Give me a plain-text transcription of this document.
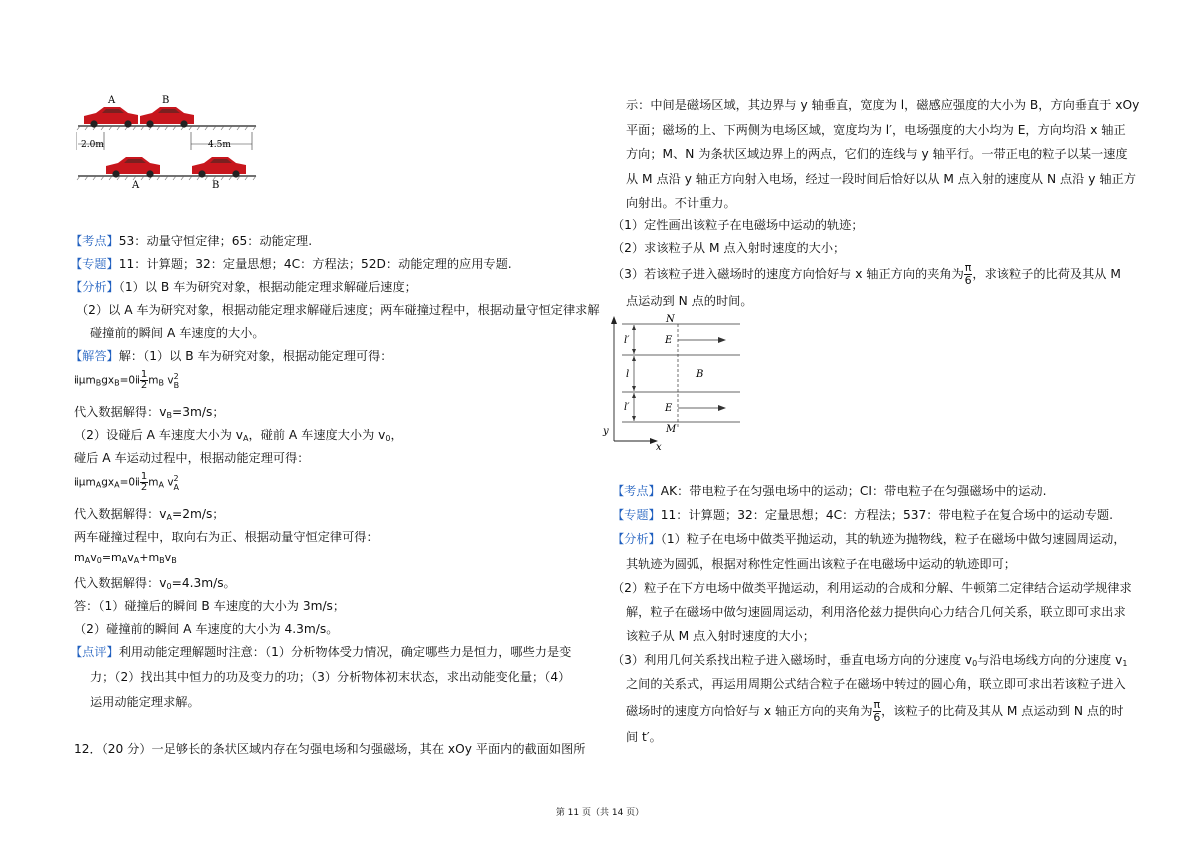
A	B
2.0m	4.5m
A	B
【考点】53：动量守恒定律；65：动能定理.
【专题】11：计算题；32：定量思想；4C：方程法；52D：动能定理的应用专题.
【分析】（1）以 B 车为研究对象，根据动能定理求解碰后速度；
（2）以 A 车为研究对象，根据动能定理求解碰后速度；两车碰撞过程中，根据动量守恒定律求解
碰撞前的瞬间 A 车速度的大小。
【解答】解：（1）以 B 车为研究对象，根据动能定理可得：
$ⅱ\mu m_Bgx_B=0ⅱ \frac{1}{2} m_B$ v 2
B
代入数据解得：$v_B=3m/s$；
（2）设碰后 A 车速度大小为 $v_A$，碰前 A 车速度大小为 $v_0$，
碰后 A 车运动过程中，根据动能定理可得：
$ⅱ\mu m_Agx_A=0ⅱ \frac{1}{2} m_A$ v 2
A
代入数据解得：$v_A=2m/s$；
两车碰撞过程中，取向右为正、根据动量守恒定律可得：
$m_Av_0=m_Av_A+m_Bv_B$
代入数据解得：$v_0=4.3m/s$。
答：（1）碰撞后的瞬间 B 车速度的大小为 3m/s；
（2）碰撞前的瞬间 A 车速度的大小为 4.3m/s。
【点评】利用动能定理解题时注意：（1）分析物体受力情况，确定哪些力是恒力，哪些力是变
力；（2）找出其中恒力的功及变力的功；（3）分析物体初末状态，求出动能变化量；（4）
运用动能定理求解。
12．（20 分）一足够长的条状区域内存在匀强电场和匀强磁场，其在 xOy 平面内的截面如图所
示：中间是磁场区域，其边界与 y 轴垂直，宽度为 l，磁感应强度的大小为 B，方向垂直于 xOy
平面；磁场的上、下两侧为电场区域，宽度均为 l′，电场强度的大小均为 E，方向均沿 x 轴正
方向；M、N 为条状区域边界上的两点，它们的连线与 y 轴平行。一带正电的粒子以某一速度
从 M 点沿 y 轴正方向射入电场，经过一段时间后恰好以从 M 点入射的速度从 N 点沿 y 轴正方
向射出。不计重力。
（1）定性画出该粒子在电磁场中运动的轨迹；
（2）求该粒子从 M 点入射时速度的大小；
（3）若该粒子进入磁场时的速度方向恰好与 x 轴正方向的夹角为 $\frac{\pi}{6}$ ，求该粒子的比荷及其从 M
点运动到 N 点的时间。
l′
l
l′
N
M
E
E
B
y
x
【考点】AK：带电粒子在匀强电场中的运动；CI：带电粒子在匀强磁场中的运动.
【专题】11：计算题；32：定量思想；4C：方程法；537：带电粒子在复合场中的运动专题.
【分析】（1）粒子在电场中做类平抛运动，其的轨迹为抛物线，粒子在磁场中做匀速圆周运动，
其轨迹为圆弧，根据对称性定性画出该粒子在电磁场中运动的轨迹即可；
（2）粒子在下方电场中做类平抛运动，利用运动的合成和分解、牛顿第二定律结合运动学规律求
解，粒子在磁场中做匀速圆周运动，利用洛伦兹力提供向心力结合几何关系，联立即可求出求
该粒子从 M 点入射时速度的大小；
（3）利用几何关系找出粒子进入磁场时，垂直电场方向的分速度 $v_0$与沿电场线方向的分速度 $v_1$
之间的关系式，再运用周期公式结合粒子在磁场中转过的圆心角，联立即可求出若该粒子进入
磁场时的速度方向恰好与 x 轴正方向的夹角为 $\frac{\pi}{6}$ ，该粒子的比荷及其从 M 点运动到 N 点的时
间 t′。
第 11 页（共 14 页）
